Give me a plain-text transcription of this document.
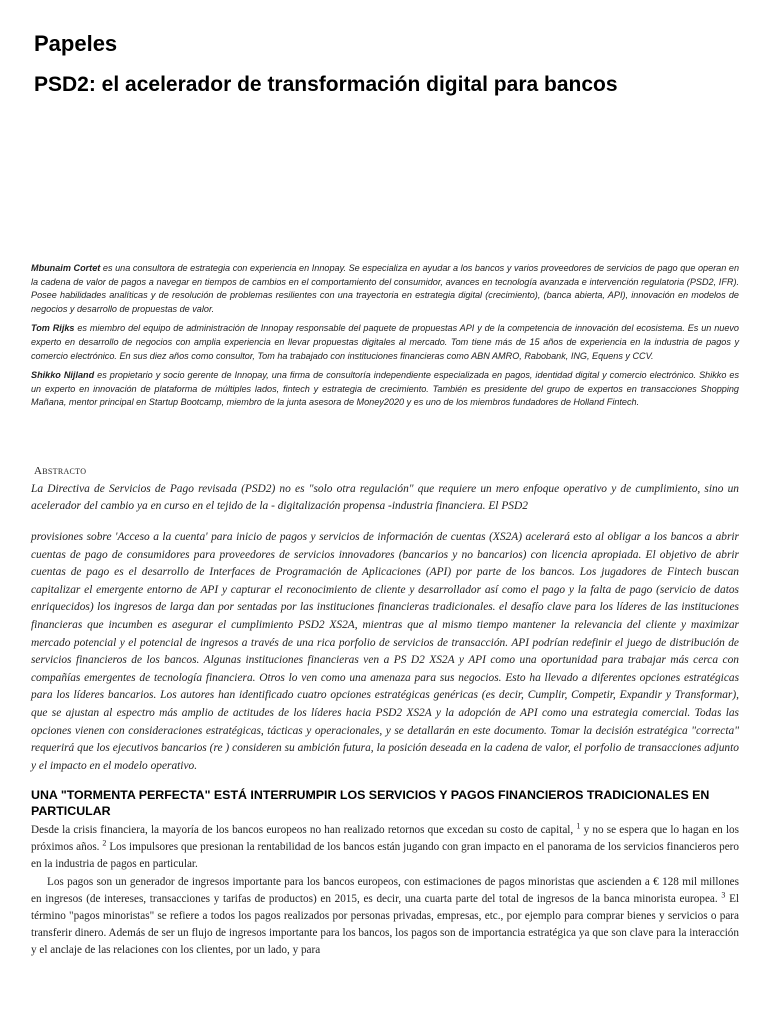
Papeles
PSD2: el acelerador de transformación digital para bancos

Mbunaim Cortet es una consultora de estrategia con experiencia en Innopay. Se especializa en ayudar a los bancos y varios proveedores de servicios de pago que operan en la cadena de valor de pagos a navegar en tiempos de cambios en el comportamiento del consumidor, avances en tecnología avanzada e intervención regulatoria (PSD2, IFR). Posee habilidades analíticas y de resolución de problemas resilientes con una trayectoria en estrategia digital (crecimiento), (banca abierta, API), innovación en modelos de negocios y desarrollo de propuestas de valor.

Tom Rijks es miembro del equipo de administración de Innopay responsable del paquete de propuestas API y de la competencia de innovación del ecosistema. Es un nuevo experto en desarrollo de negocios con amplia experiencia en llevar propuestas digitales al mercado. Tom tiene más de 15 años de experiencia en la industria de pagos y comercio electrónico. En sus diez años como consultor, Tom ha trabajado con instituciones financieras como ABN AMRO, Rabobank, ING, Equens y CCV.

Shikko Nijland es propietario y socio gerente de Innopay, una firma de consultoría independiente especializada en pagos, identidad digital y comercio electrónico. Shikko es un experto en innovación de plataforma de múltiples lados, fintech y estrategia de crecimiento. También es presidente del grupo de expertos en transacciones Shopping Mañana, mentor principal en Startup Bootcamp, miembro de la junta asesora de Money2020 y es uno de los miembros fundadores de Holland Fintech.

Abstracto
La Directiva de Servicios de Pago revisada (PSD2) no es "solo otra regulación" que requiere un mero enfoque operativo y de cumplimiento, sino un acelerador del cambio ya en curso en el tejido de la - digitalización propensa -industria financiera. El PSD2

provisiones sobre 'Acceso a la cuenta' para inicio de pagos y servicios de información de cuentas (XS2A) acelerará esto al obligar a los bancos a abrir cuentas de pago de consumidores para proveedores de servicios innovadores (bancarios y no bancarios) con licencia apropiada. El objetivo de abrir cuentas de pago es el desarrollo de Interfaces de Programación de Aplicaciones (API) por parte de los bancos. Los jugadores de Fintech buscan capitalizar el emergente entorno de API y capturar el reconocimiento de cliente y desarrollador así como el pago y la falta de pago (servicio de datos enriquecidos) los ingresos de larga dan por sentadas por las instituciones financieras tradicionales. el desafío clave para los líderes de las instituciones financieras que incumben es asegurar el cumplimiento PSD2 XS2A, mientras que al mismo tiempo mantener la relevancia del cliente y maximizar mercado potencial y el potencial de ingresos a través de una rica porfolio de servicios de transacción. API podrían redefinir el juego de distribución de servicios financieros de los bancos. Algunas instituciones financieras ven a PS D2 XS2A y API como una oportunidad para trabajar más cerca con compañías emergentes de tecnología financiera. Otros lo ven como una amenaza para sus negocios. Esto ha llevado a diferentes opciones estratégicas para los líderes bancarios. Los autores han identificado cuatro opciones estratégicas genéricas (es decir, Cumplir, Competir, Expandir y Transformar), que se ajustan al espectro más amplio de actitudes de los líderes hacia PSD2 XS2A y la adopción de API como una estrategia comercial. Todas las opciones vienen con consideraciones estratégicas, tácticas y operacionales, y se detallarán en este documento. Tomar la decisión estratégica "correcta" requerirá que los ejecutivos bancarios (re ) consideren su ambición futura, la posición deseada en la cadena de valor, el porfolio de transacciones adjunto y el impacto en el modelo operativo.

UNA "TORMENTA PERFECTA" ESTÁ INTERRUMPIR LOS SERVICIOS Y PAGOS FINANCIEROS TRADICIONALES EN PARTICULAR

Desde la crisis financiera, la mayoría de los bancos europeos no han realizado retornos que excedan su costo de capital, $^1$ y no se espera que lo hagan en los próximos años. $^2$ Los impulsores que presionan la rentabilidad de los bancos están jugando con gran impacto en el panorama de los servicios financieros pero en la industria de pagos en particular.

Los pagos son un generador de ingresos importante para los bancos europeos, con estimaciones de pagos minoristas que ascienden a € 128 mil millones en ingresos (de intereses, transacciones y tarifas de productos) en 2015, es decir, una cuarta parte del total de ingresos de la banca minorista europea. $^3$ El término "pagos minoristas" se refiere a todos los pagos realizados por personas privadas, empresas, etc., por ejemplo para comprar bienes y servicios o para transferir dinero. Además de ser un flujo de ingresos importante para los bancos, los pagos son de importancia estratégica ya que son clave para la interacción y el anclaje de las relaciones con los clientes, por un lado, y para
